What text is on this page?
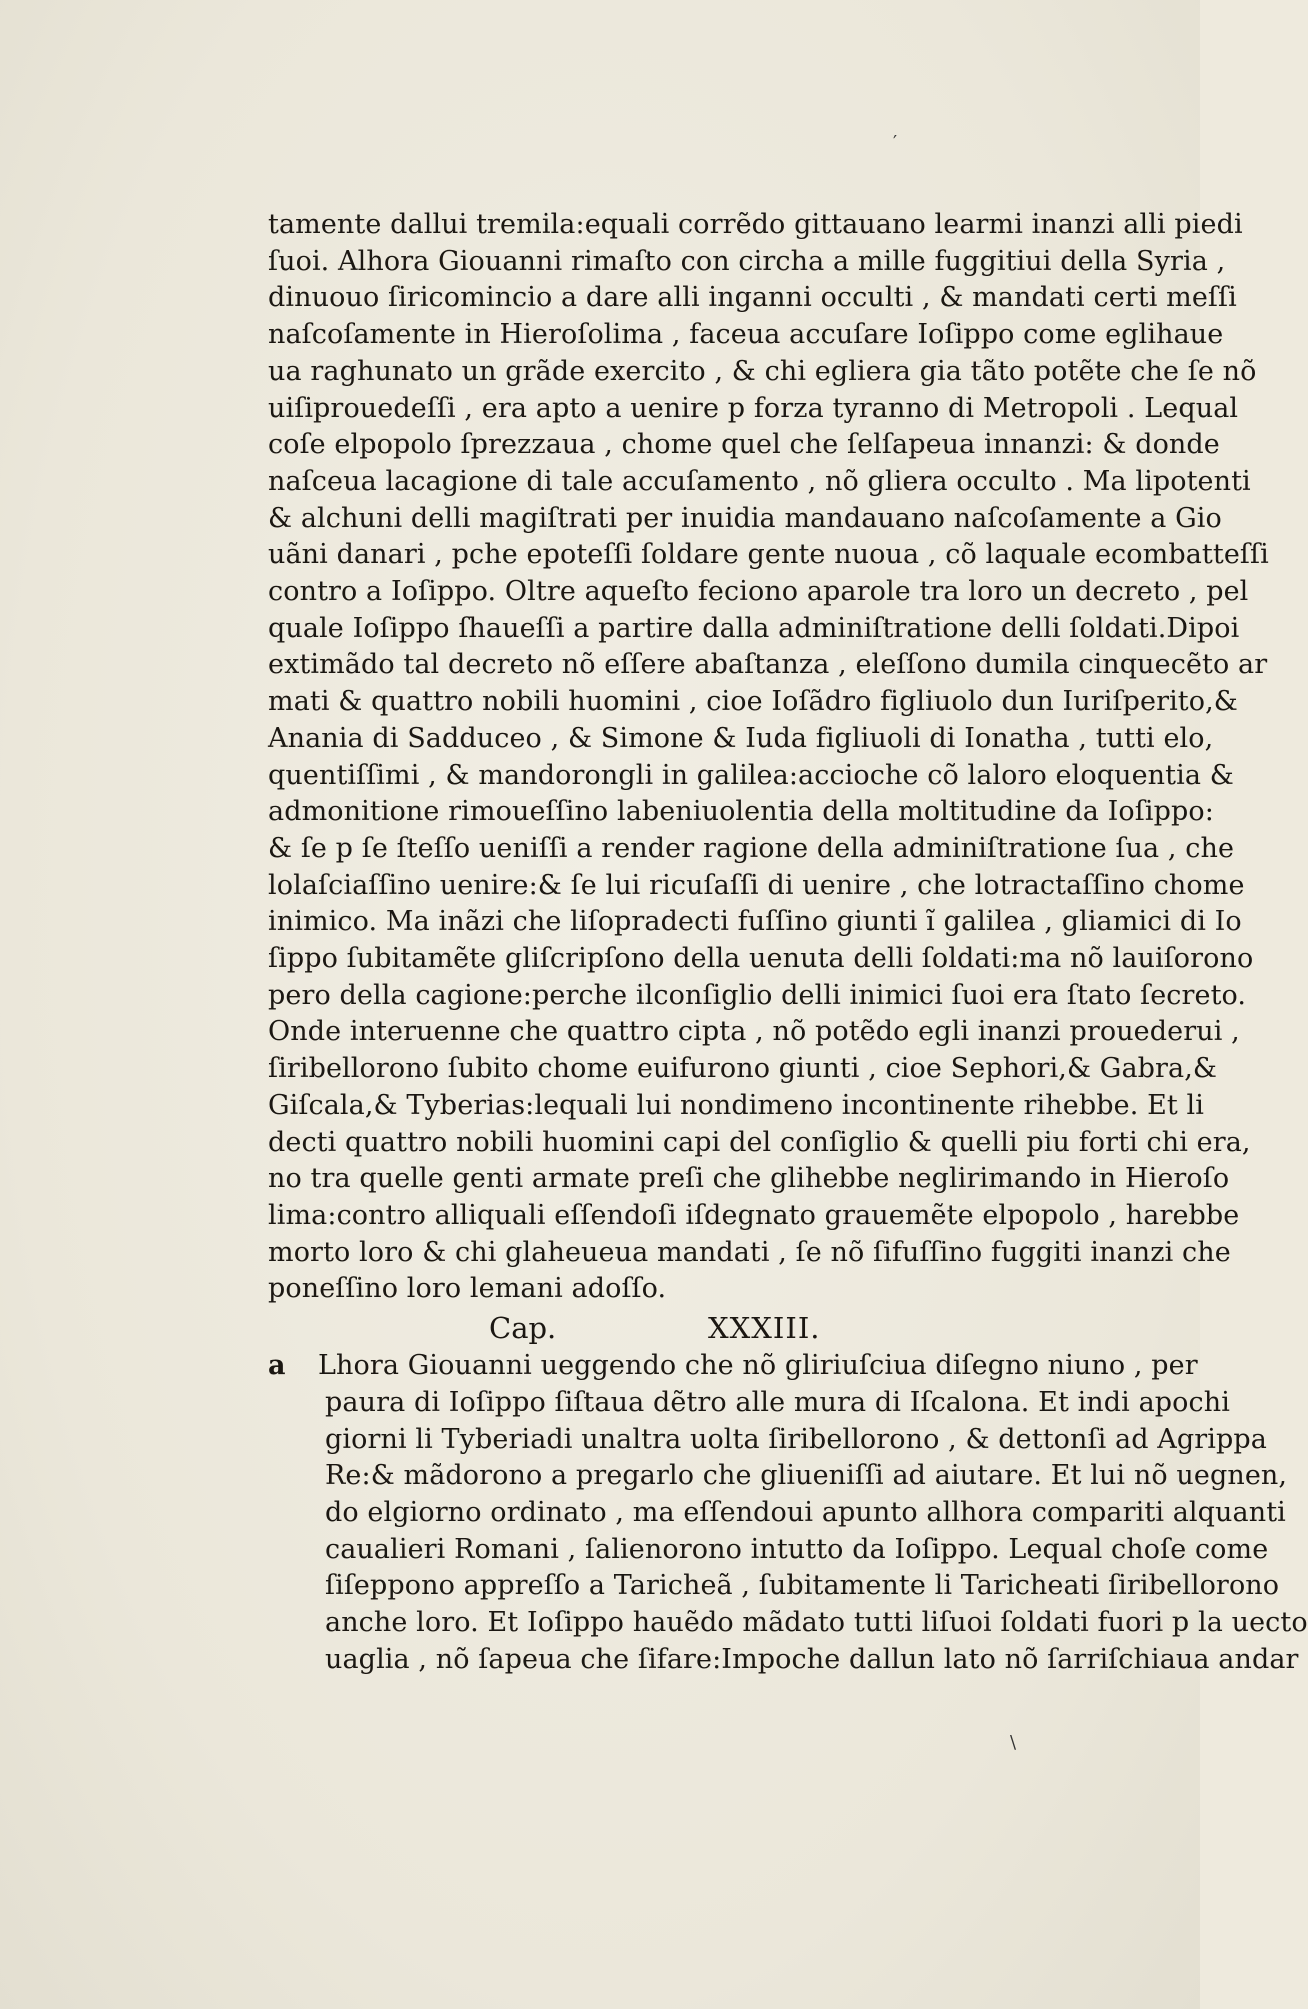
′
\
tamente dallui tremila:equali corrẽdo gittauano learmi inanzi alli piedi
ſuoi. Alhora Giouanni rimaſto con circha a mille fuggitiui della Syria ,
dinuouo ſiricomincio a dare alli inganni occulti , & mandati certi meſſi
naſcoſamente in Hieroſolima , faceua accuſare Ioſippo come eglihaue
ua raghunato un grãde exercito , & chi egliera gia tãto potẽte che ſe nõ
uiſiprouedeſſi , era apto a uenire p forza tyranno di Metropoli . Lequal
coſe elpopolo ſprezzaua , chome quel che ſelſapeua innanzi: & donde
naſceua lacagione di tale accuſamento , nõ gliera occulto . Ma lipotenti
& alchuni delli magiſtrati per inuidia mandauano naſcoſamente a Gio
uãni danari , pche epoteſſi ſoldare gente nuoua , cõ laquale ecombatteſſi
contro a Ioſippo. Oltre aqueſto feciono aparole tra loro un decreto , pel
quale Ioſippo ſhaueſſi a partire dalla adminiſtratione delli ſoldati.Dipoi
extimãdo tal decreto nõ eſſere abaſtanza , eleſſono dumila cinquecẽto ar
mati & quattro nobili huomini , cioe Ioſãdro figliuolo dun Iuriſperito,&
Anania di Sadduceo , & Simone & Iuda figliuoli di Ionatha , tutti elo,
quentiſſimi , & mandorongli in galilea:accioche cõ laloro eloquentia &
admonitione rimoueſſino labeniuolentia della moltitudine da Ioſippo:
& ſe p ſe ſteſſo ueniſſi a render ragione della adminiſtratione ſua , che
lolaſciaſſino uenire:& ſe lui ricuſaſſi di uenire , che lotractaſſino chome
inimico. Ma inãzi che liſopradecti fuſſino giunti ĩ galilea , gliamici di Io
ſippo ſubitamẽte gliſcripſono della uenuta delli ſoldati:ma nõ lauiſorono
pero della cagione:perche ilconſiglio delli inimici ſuoi era ſtato ſecreto.
Onde interuenne che quattro cipta , nõ potẽdo egli inanzi prouederui ,
ſiribellorono ſubito chome euifurono giunti , cioe Sephori,& Gabra,&
Giſcala,& Tyberias:lequali lui nondimeno incontinente rihebbe. Et li
decti quattro nobili huomini capi del conſiglio & quelli piu forti chi era,
no tra quelle genti armate preſi che glihebbe neglirimando in Hieroſo
lima:contro alliquali eſſendoſi iſdegnato grauemẽte elpopolo , harebbe
morto loro & chi glaheueua mandati , ſe nõ ſifuſſino fuggiti inanzi che
poneſſino loro lemani adoſſo.
Cap.	XXXIII.
a Lhora Giouanni ueggendo che nõ gliriuſciua diſegno niuno , per
paura di Ioſippo ſiſtaua dẽtro alle mura di Iſcalona. Et indi apochi
giorni li Tyberiadi unaltra uolta ſiribellorono , & dettonſi ad Agrippa
Re:& mãdorono a pregarlo che gliueniſſi ad aiutare. Et lui nõ uegnen,
do elgiorno ordinato , ma eſſendoui apunto allhora compariti alquanti
caualieri Romani , ſalienorono intutto da Ioſippo. Lequal choſe come
ſiſeppono appreſſo a Taricheã , ſubitamente li Taricheati ſiribellorono
anche loro. Et Ioſippo hauẽdo mãdato tutti liſuoi ſoldati fuori p la uecto
uaglia , nõ ſapeua che ſifare:Impoche dallun lato nõ ſarriſchiaua andar
